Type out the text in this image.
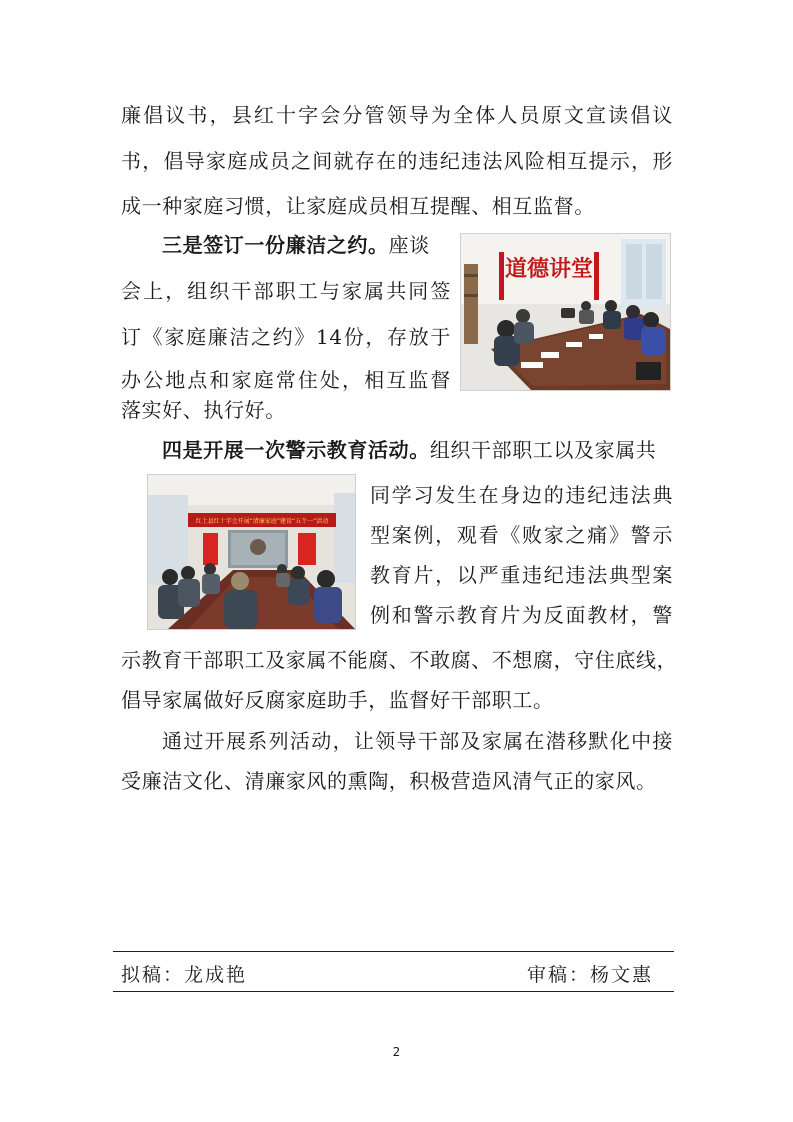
廉倡议书，县红十字会分管领导为全体人员原文宣读倡议
书，倡导家庭成员之间就存在的违纪违法风险相互提示，形
成一种家庭习惯，让家庭成员相互提醒、相互监督。
三是签订一份廉洁之约。座谈
会上，组织干部职工与家属共同签
订《家庭廉洁之约》14份，存放于
办公地点和家庭常住处，相互监督
落实好、执行好。
道德讲堂
四是开展一次警示教育活动。组织干部职工以及家属共
红土县红十字会开展“清廉家庭”建设“五个一”活动
同学习发生在身边的违纪违法典
型案例，观看《败家之痛》警示
教育片，以严重违纪违法典型案
例和警示教育片为反面教材，警
示教育干部职工及家属不能腐、不敢腐、不想腐，守住底线，
倡导家属做好反腐家庭助手，监督好干部职工。
通过开展系列活动，让领导干部及家属在潜移默化中接
受廉洁文化、清廉家风的熏陶，积极营造风清气正的家风。
拟稿：龙成艳	审稿：杨文惠
2
